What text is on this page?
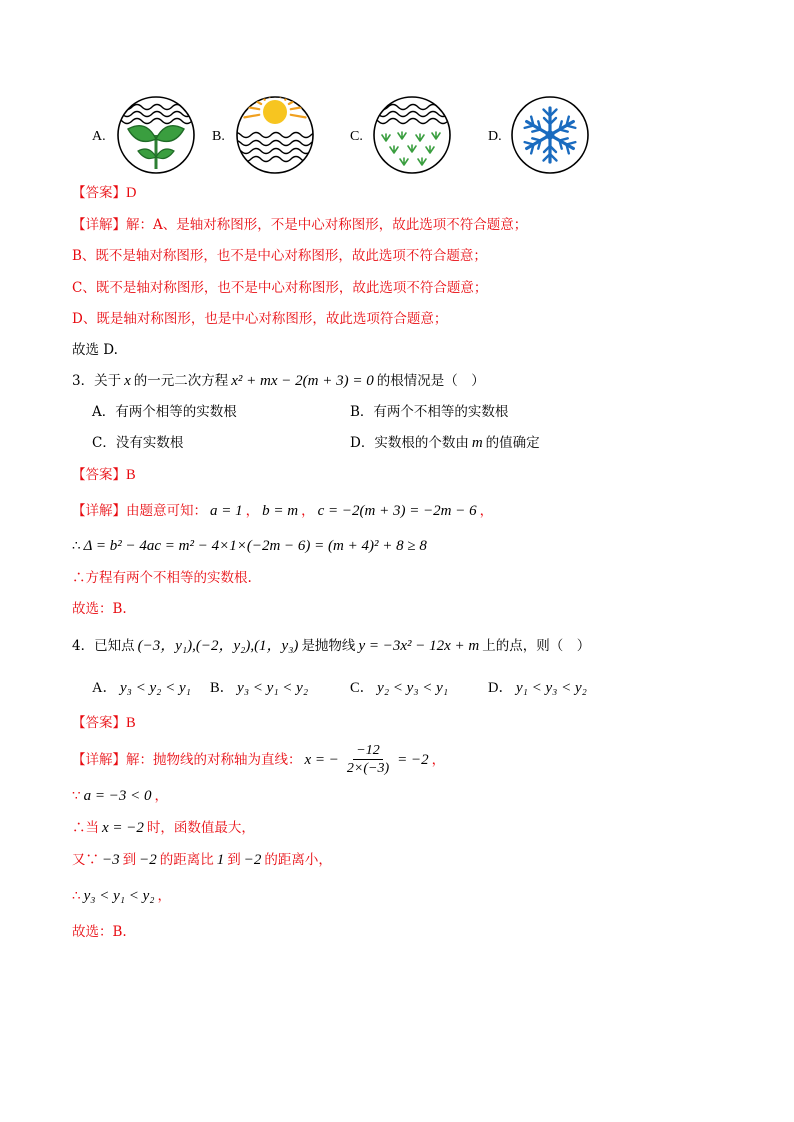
A.	B.	C.	D.
【答案】 D
【详解】 解：A、是轴对称图形，不是中心对称图形，故此选项不符合题意；
B、既不是轴对称图形，也不是中心对称图形，故此选项不符合题意；
C、既不是轴对称图形，也不是中心对称图形，故此选项不符合题意；
D、既是轴对称图形，也是中心对称图形，故此选项符合题意；
故选 D.
3． 关于 x 的一元二次方程 x² + mx − 2(m + 3) = 0 的根情况是（　）
A．有两个相等的实数根	B．有两个不相等的实数根
C．没有实数根	D．实数根的个数由 m 的值确定
【答案】 B
【详解】 由题意可知： a = 1 ， b = m ， c = −2(m + 3) = −2m − 6 ，
∴ Δ = b² − 4ac = m² − 4×1×(−2m − 6) = (m + 4)² + 8 ≥ 8
∴方程有两个不相等的实数根.
故选：B.
4． 已知点 (−3，y₁),(−2，y₂),(1，y₃) 是抛物线 y = −3x² − 12x + m 上的点，则（　）
A． y₃ < y₂ < y₁ B． y₃ < y₁ < y₂	C． y₂ < y₃ < y₁	D． y₁ < y₃ < y₂
【答案】 B
【详解】 解：抛物线的对称轴为直线： x = − $\frac{-12}{2\times(-3)} = -2$ ，
∵ a = −3 < 0 ，
∴当 x = −2 时，函数值最大，
又∵ −3 到 −2 的距离比 1 到 −2 的距离小，
∴ y₃ < y₁ < y₂ ，
故选：B.
